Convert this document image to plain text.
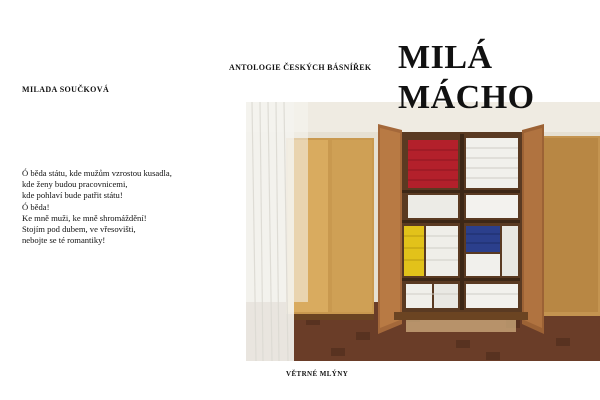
MILADA SOUČKOVÁ
Ó běda státu, kde mužům vzrostou kusadla,
kde ženy budou pracovnicemi,
kde pohlaví bude patřit státu!
Ó běda!
Ke mně muži, ke mně shromáždění!
Stojím pod dubem, ve vřesovišti,
nebojte se té romantiky!
ANTOLOGIE ČESKÝCH BÁSNÍŘEK MILÁ
MÁCHO
VĚTRNÉ MLÝNY
